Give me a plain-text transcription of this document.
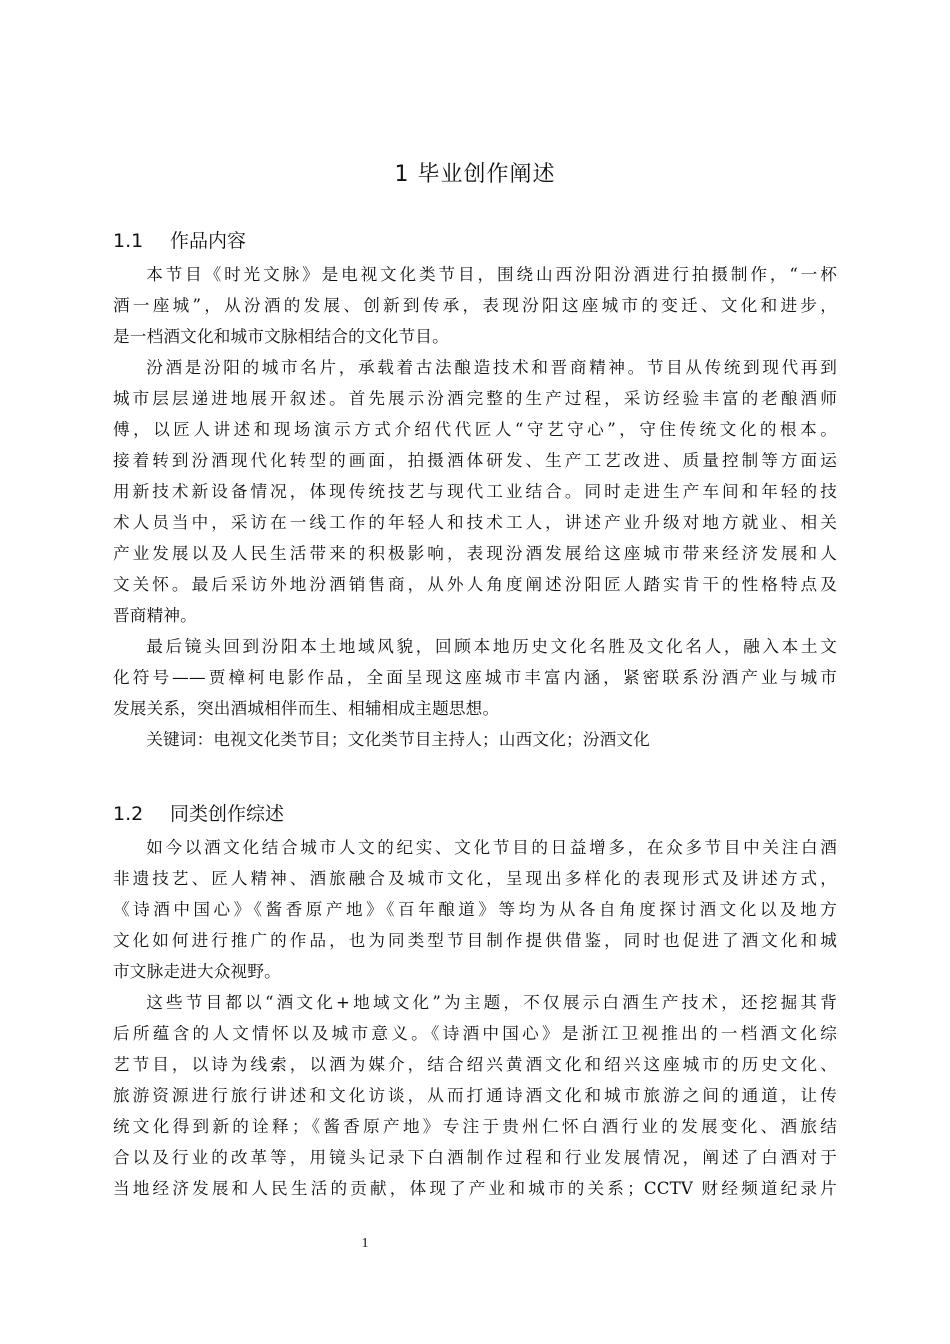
1 毕业创作阐述
1.1 作品内容
本节目《时光文脉》是电视文化类节目，围绕山西汾阳汾酒进行拍摄制作，“一杯
酒一座城”，从汾酒的发展、创新到传承，表现汾阳这座城市的变迁、文化和进步，
是一档酒文化和城市文脉相结合的文化节目。
汾酒是汾阳的城市名片，承载着古法酿造技术和晋商精神。节目从传统到现代再到
城市层层递进地展开叙述。首先展示汾酒完整的生产过程，采访经验丰富的老酿酒师
傅，以匠人讲述和现场演示方式介绍代代匠人“守艺守心”，守住传统文化的根本。
接着转到汾酒现代化转型的画面，拍摄酒体研发、生产工艺改进、质量控制等方面运
用新技术新设备情况，体现传统技艺与现代工业结合。同时走进生产车间和年轻的技
术人员当中，采访在一线工作的年轻人和技术工人，讲述产业升级对地方就业、相关
产业发展以及人民生活带来的积极影响，表现汾酒发展给这座城市带来经济发展和人
文关怀。最后采访外地汾酒销售商，从外人角度阐述汾阳匠人踏实肯干的性格特点及
晋商精神。
最后镜头回到汾阳本土地域风貌，回顾本地历史文化名胜及文化名人，融入本土文
化符号——贾樟柯电影作品，全面呈现这座城市丰富内涵，紧密联系汾酒产业与城市
发展关系，突出酒城相伴而生、相辅相成主题思想。
关键词：电视文化类节目；文化类节目主持人；山西文化；汾酒文化
1.2 同类创作综述
如今以酒文化结合城市人文的纪实、文化节目的日益增多，在众多节目中关注白酒
非遗技艺、匠人精神、酒旅融合及城市文化，呈现出多样化的表现形式及讲述方式，
《诗酒中国心》《酱香原产地》《百年酿道》等均为从各自角度探讨酒文化以及地方
文化如何进行推广的作品，也为同类型节目制作提供借鉴，同时也促进了酒文化和城
市文脉走进大众视野。
这些节目都以“酒文化+地域文化”为主题，不仅展示白酒生产技术，还挖掘其背
后所蕴含的人文情怀以及城市意义。《诗酒中国心》是浙江卫视推出的一档酒文化综
艺节目，以诗为线索，以酒为媒介，结合绍兴黄酒文化和绍兴这座城市的历史文化、
旅游资源进行旅行讲述和文化访谈，从而打通诗酒文化和城市旅游之间的通道，让传
统文化得到新的诠释；《酱香原产地》专注于贵州仁怀白酒行业的发展变化、酒旅结
合以及行业的改革等，用镜头记录下白酒制作过程和行业发展情况，阐述了白酒对于
当地经济发展和人民生活的贡献，体现了产业和城市的关系；CCTV 财经频道纪录片
1
